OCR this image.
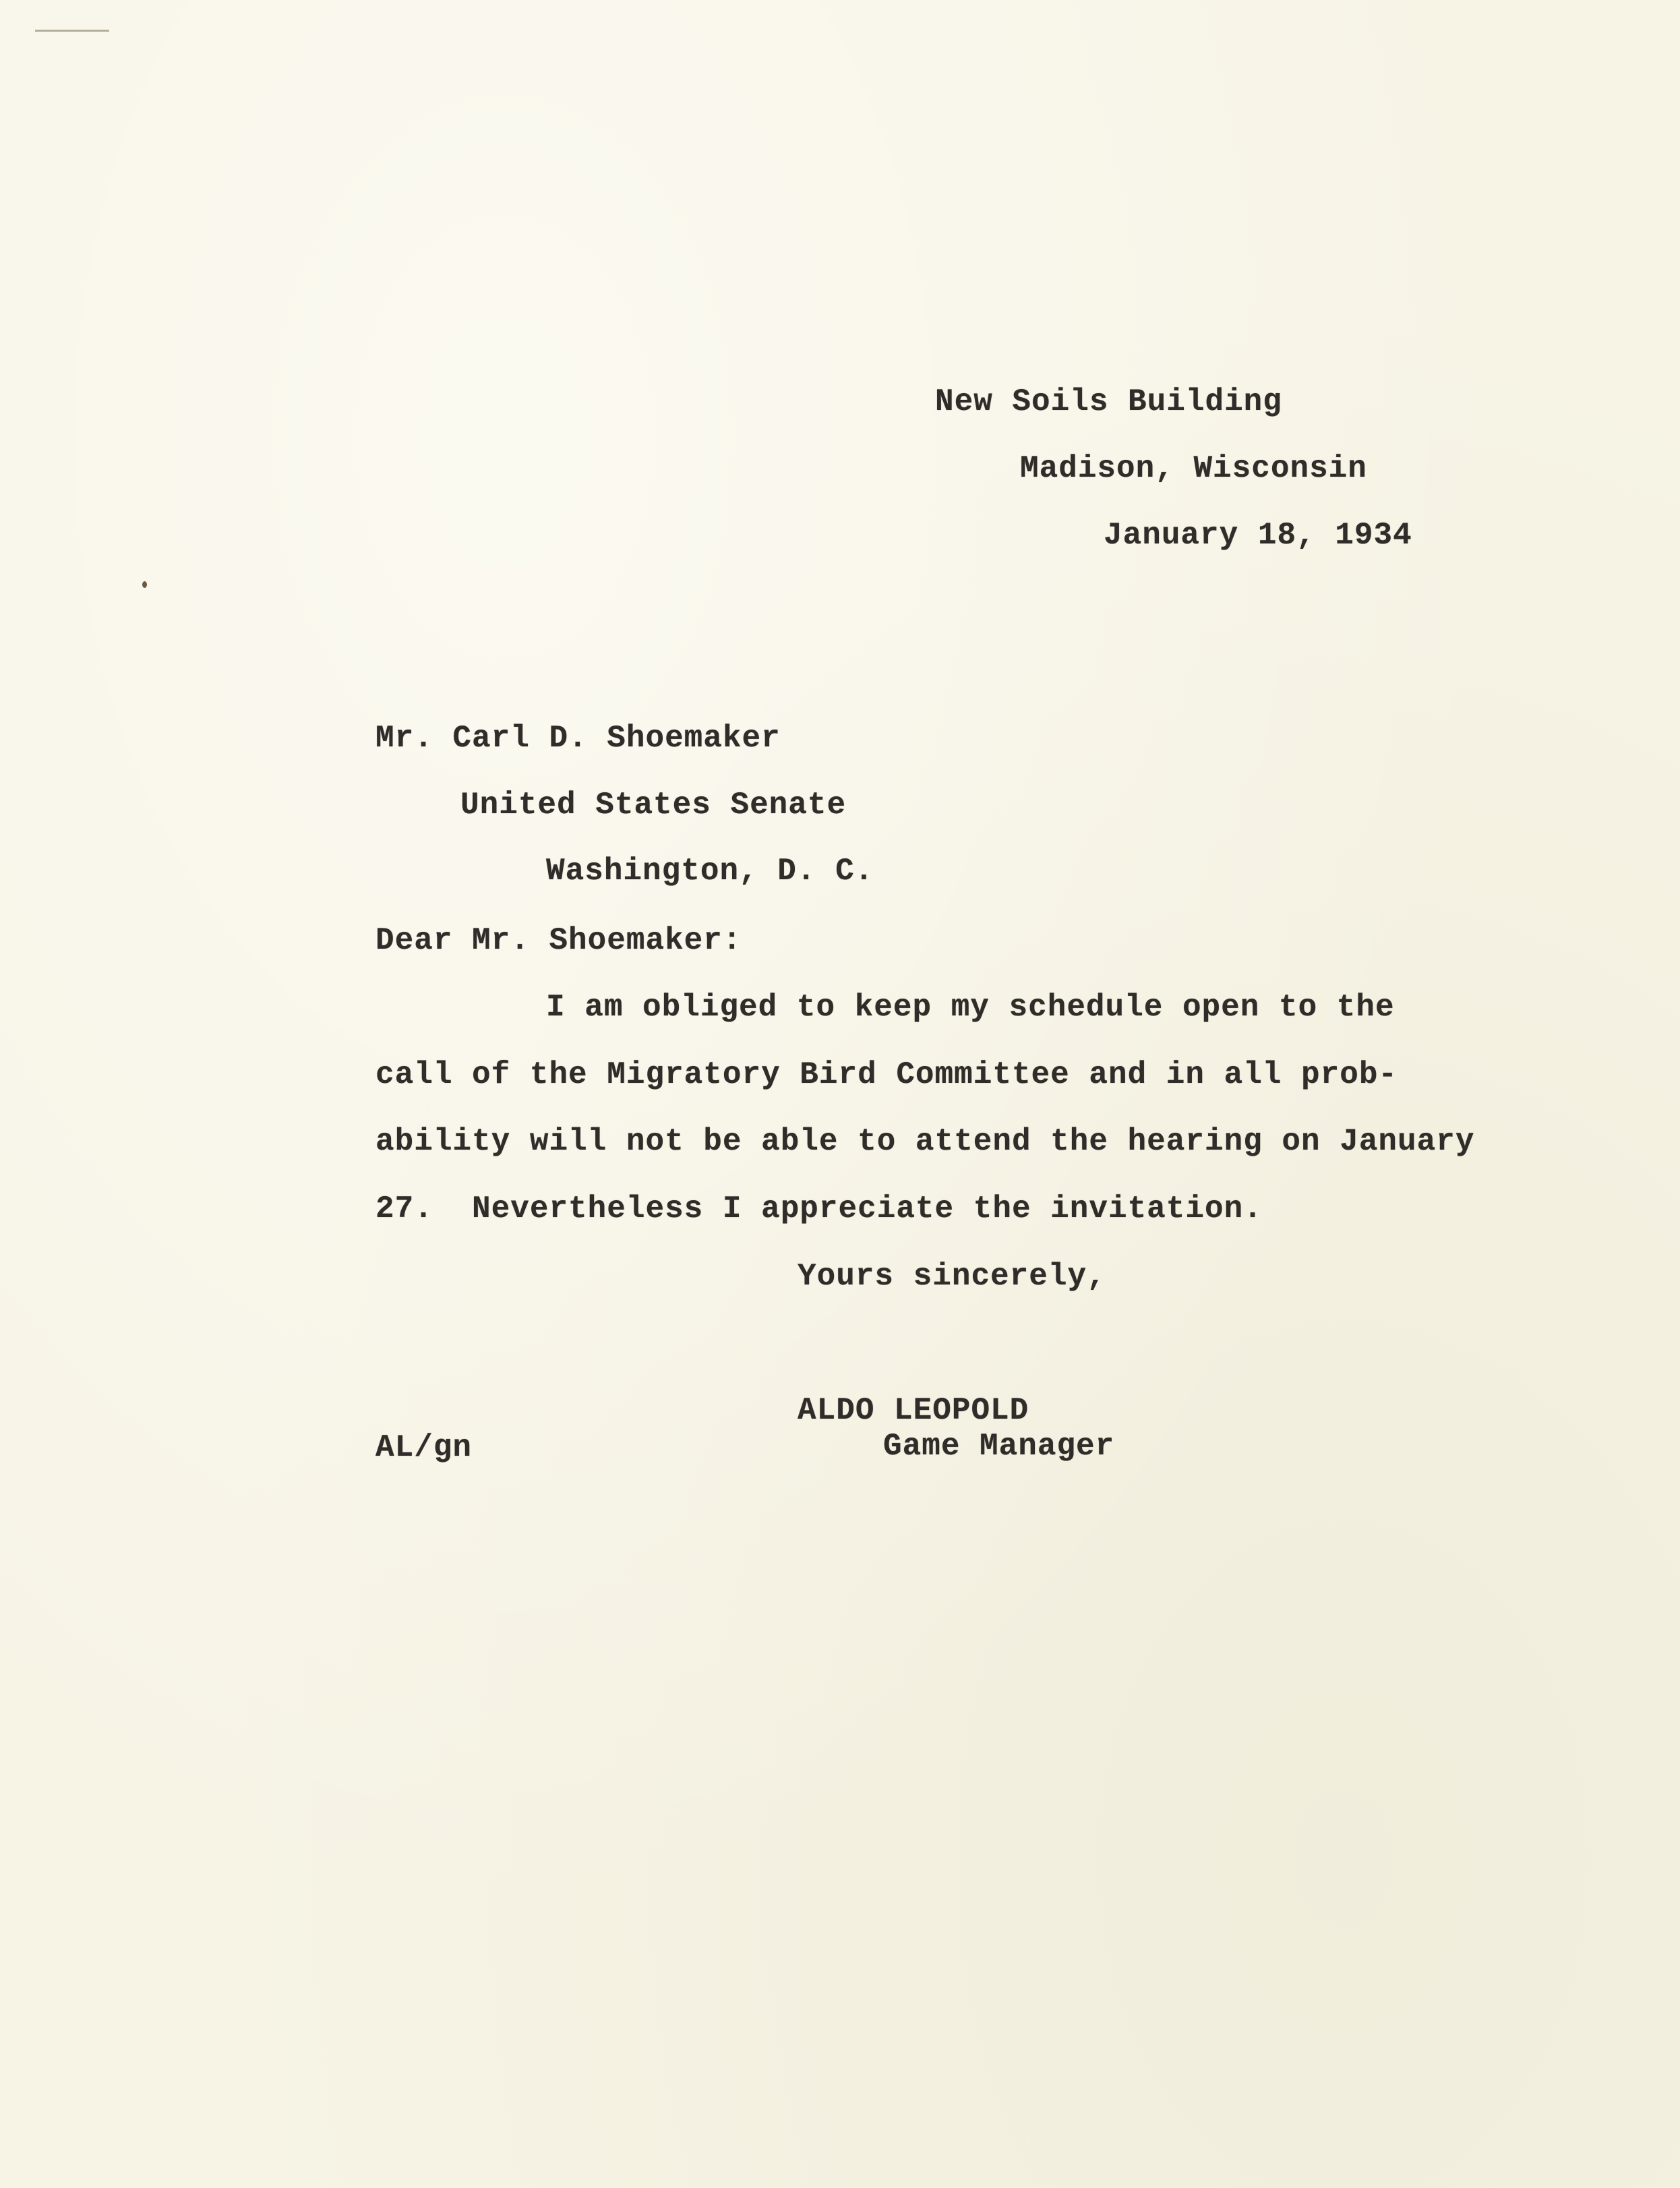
New Soils Building
Madison, Wisconsin
January 18, 1934
Mr. Carl D. Shoemaker
United States Senate
Washington, D. C.
Dear Mr. Shoemaker:
I am obliged to keep my schedule open to the
call of the Migratory Bird Committee and in all prob-
ability will not be able to attend the hearing on January
27.  Nevertheless I appreciate the invitation.
Yours sincerely,
ALDO LEOPOLD
Game Manager
AL/gn
